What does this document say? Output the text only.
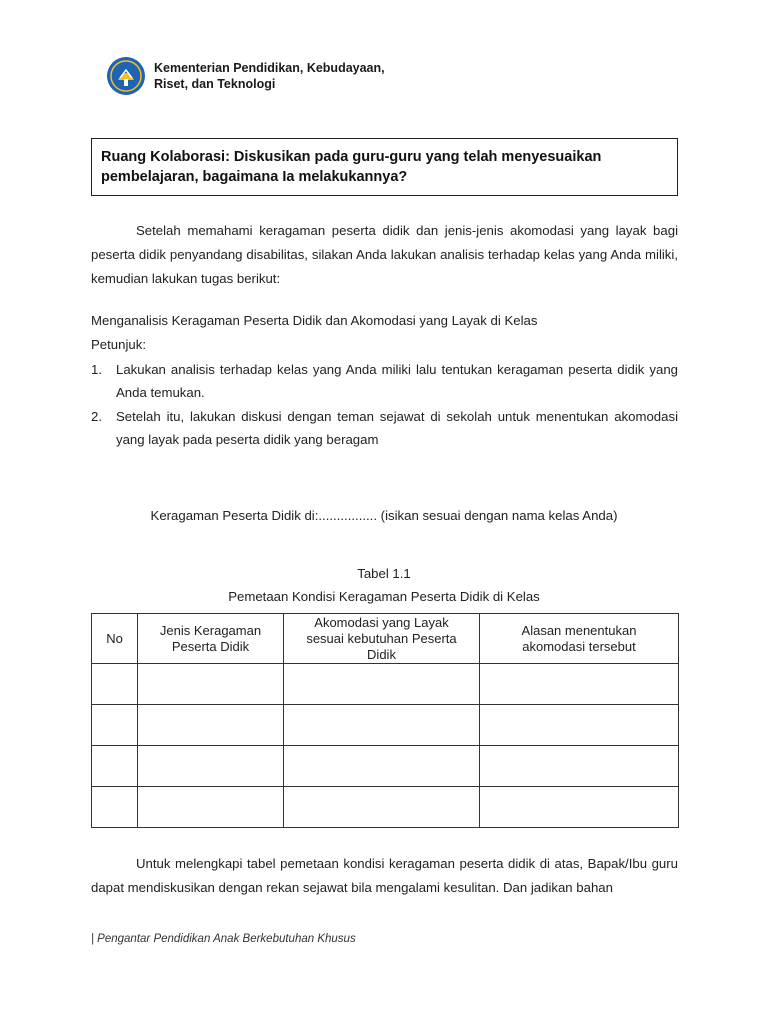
Kementerian Pendidikan, Kebudayaan,
Riset, dan Teknologi
Ruang Kolaborasi: Diskusikan pada guru-guru yang telah menyesuaikan
pembelajaran, bagaimana Ia melakukannya?
Setelah memahami keragaman peserta didik dan jenis-jenis akomodasi yang layak bagi peserta didik penyandang disabilitas, silakan Anda lakukan analisis terhadap kelas yang Anda miliki, kemudian lakukan tugas berikut:
Menganalisis Keragaman Peserta Didik dan Akomodasi yang Layak di Kelas
Petunjuk:
1. Lakukan analisis terhadap kelas yang Anda miliki lalu tentukan keragaman peserta didik yang Anda temukan.
2. Setelah itu, lakukan diskusi dengan teman sejawat di sekolah untuk menentukan akomodasi yang layak pada peserta didik yang beragam
Keragaman Peserta Didik di:................ (isikan sesuai dengan nama kelas Anda)
Tabel 1.1
Pemetaan Kondisi Keragaman Peserta Didik di Kelas
No	Jenis Keragaman Peserta Didik	Akomodasi yang Layak sesuai kebutuhan Peserta Didik	Alasan menentukan akomodasi tersebut

Untuk melengkapi tabel pemetaan kondisi keragaman peserta didik di atas, Bapak/Ibu guru dapat mendiskusikan dengan rekan sejawat bila mengalami kesulitan. Dan jadikan bahan
| Pengantar Pendidikan Anak Berkebutuhan Khusus
